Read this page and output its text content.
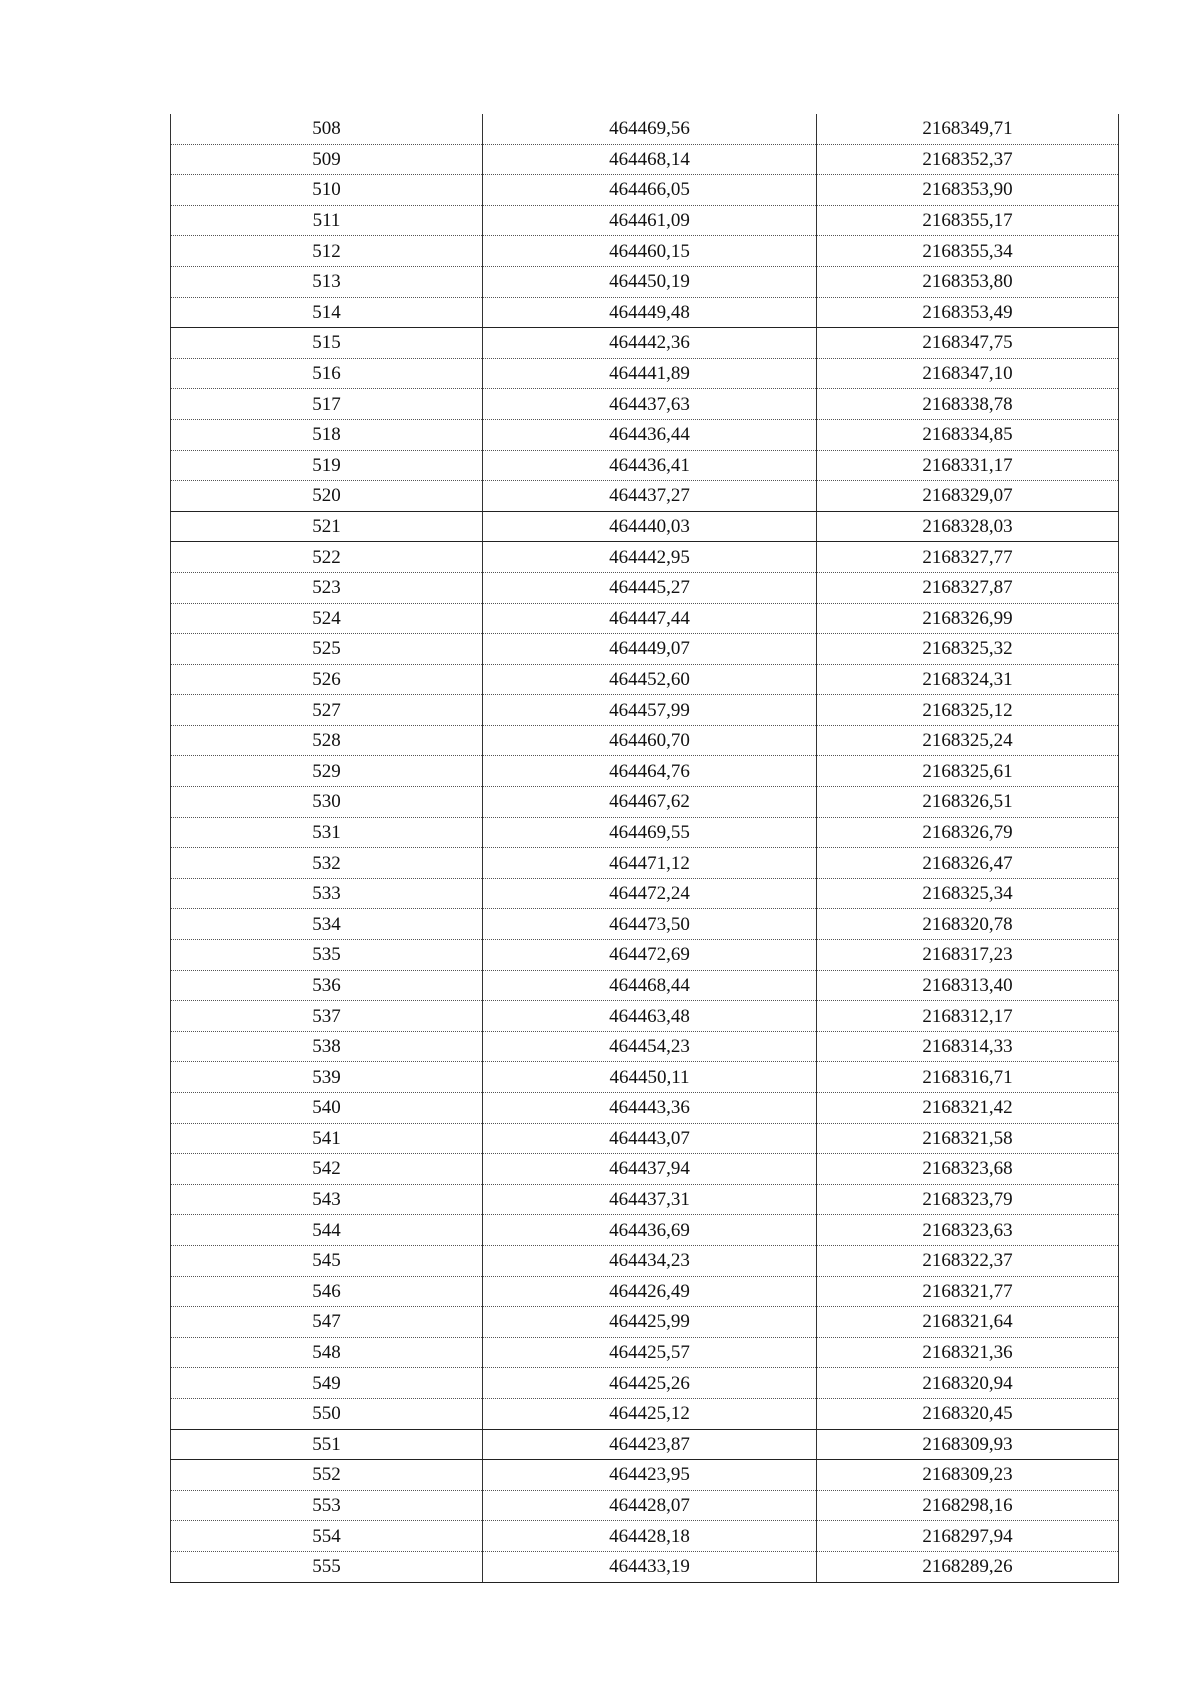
508	464469,56	2168349,71
509	464468,14	2168352,37
510	464466,05	2168353,90
511	464461,09	2168355,17
512	464460,15	2168355,34
513	464450,19	2168353,80
514	464449,48	2168353,49
515	464442,36	2168347,75
516	464441,89	2168347,10
517	464437,63	2168338,78
518	464436,44	2168334,85
519	464436,41	2168331,17
520	464437,27	2168329,07
521	464440,03	2168328,03
522	464442,95	2168327,77
523	464445,27	2168327,87
524	464447,44	2168326,99
525	464449,07	2168325,32
526	464452,60	2168324,31
527	464457,99	2168325,12
528	464460,70	2168325,24
529	464464,76	2168325,61
530	464467,62	2168326,51
531	464469,55	2168326,79
532	464471,12	2168326,47
533	464472,24	2168325,34
534	464473,50	2168320,78
535	464472,69	2168317,23
536	464468,44	2168313,40
537	464463,48	2168312,17
538	464454,23	2168314,33
539	464450,11	2168316,71
540	464443,36	2168321,42
541	464443,07	2168321,58
542	464437,94	2168323,68
543	464437,31	2168323,79
544	464436,69	2168323,63
545	464434,23	2168322,37
546	464426,49	2168321,77
547	464425,99	2168321,64
548	464425,57	2168321,36
549	464425,26	2168320,94
550	464425,12	2168320,45
551	464423,87	2168309,93
552	464423,95	2168309,23
553	464428,07	2168298,16
554	464428,18	2168297,94
555	464433,19	2168289,26
